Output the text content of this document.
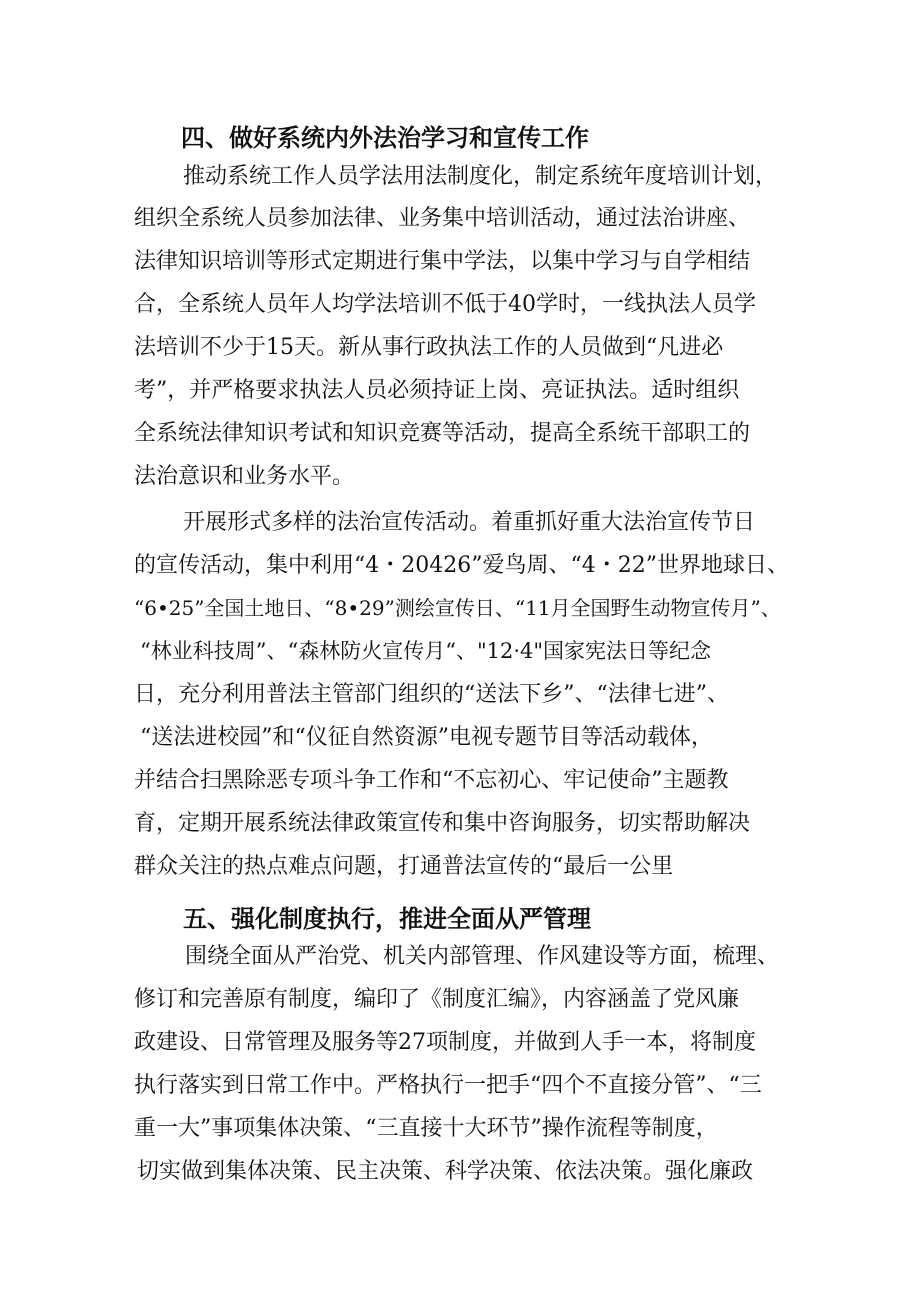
四、做好系统内外法治学习和宣传工作
推动系统工作人员学法用法制度化，制定系统年度培训计划，
组织全系统人员参加法律、业务集中培训活动，通过法治讲座、
法律知识培训等形式定期进行集中学法，以集中学习与自学相结
合，全系统人员年人均学法培训不低于40学时，一线执法人员学
法培训不少于15天。新从事行政执法工作的人员做到“凡进必
考”，并严格要求执法人员必须持证上岗、亮证执法。适时组织
全系统法律知识考试和知识竞赛等活动，提高全系统干部职工的
法治意识和业务水平。
开展形式多样的法治宣传活动。着重抓好重大法治宣传节日
的宣传活动，集中利用“4・20426”爱鸟周、“4・22”世界地球日、
“6•25”全国土地日、“8•29”测绘宣传日、“11月全国野生动物宣传月”、
“林业科技周”、“森林防火宣传月“、"12·4"国家宪法日等纪念
日，充分利用普法主管部门组织的“送法下乡”、“法律七进”、
“送法进校园”和“仪征自然资源”电视专题节目等活动载体，
并结合扫黑除恶专项斗争工作和“不忘初心、牢记使命”主题教
育，定期开展系统法律政策宣传和集中咨询服务，切实帮助解决
群众关注的热点难点问题，打通普法宣传的“最后一公里
五、强化制度执行，推进全面从严管理
围绕全面从严治党、机关内部管理、作风建设等方面，梳理、
修订和完善原有制度，编印了《制度汇编》，内容涵盖了党风廉
政建设、日常管理及服务等27项制度，并做到人手一本，将制度
执行落实到日常工作中。严格执行一把手“四个不直接分管”、“三
重一大”事项集体决策、“三直接十大环节”操作流程等制度，
切实做到集体决策、民主决策、科学决策、依法决策。强化廉政
